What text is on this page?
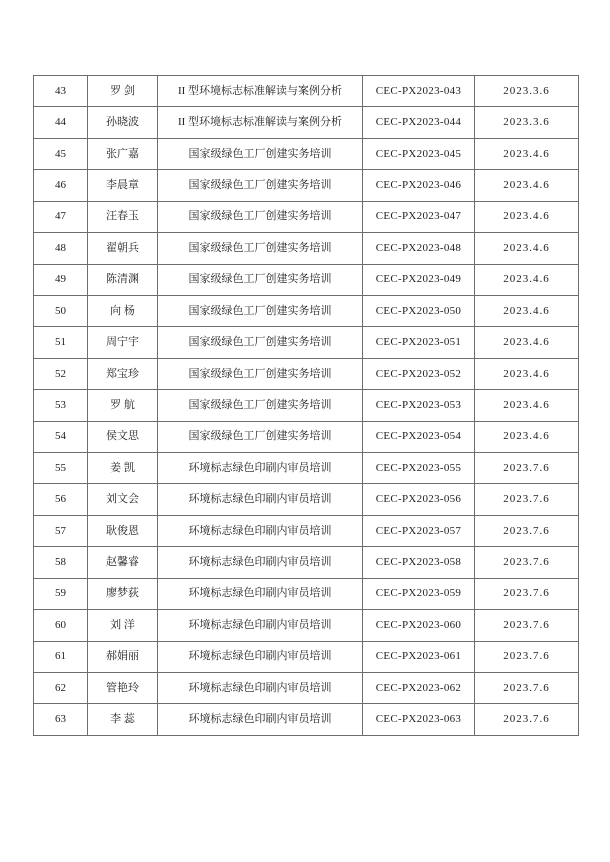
43	罗 剑	II 型环境标志标准解读与案例分析	CEC-PX2023-043	2023.3.6
44	孙晓波	II 型环境标志标准解读与案例分析	CEC-PX2023-044	2023.3.6
45	张广嘉	国家级绿色工厂创建实务培训	CEC-PX2023-045	2023.4.6
46	李晨章	国家级绿色工厂创建实务培训	CEC-PX2023-046	2023.4.6
47	汪春玉	国家级绿色工厂创建实务培训	CEC-PX2023-047	2023.4.6
48	翟朝兵	国家级绿色工厂创建实务培训	CEC-PX2023-048	2023.4.6
49	陈清渊	国家级绿色工厂创建实务培训	CEC-PX2023-049	2023.4.6
50	向 杨	国家级绿色工厂创建实务培训	CEC-PX2023-050	2023.4.6
51	周宁宇	国家级绿色工厂创建实务培训	CEC-PX2023-051	2023.4.6
52	郑宝珍	国家级绿色工厂创建实务培训	CEC-PX2023-052	2023.4.6
53	罗 航	国家级绿色工厂创建实务培训	CEC-PX2023-053	2023.4.6
54	侯文思	国家级绿色工厂创建实务培训	CEC-PX2023-054	2023.4.6
55	姜 凯	环境标志绿色印刷内审员培训	CEC-PX2023-055	2023.7.6
56	刘文会	环境标志绿色印刷内审员培训	CEC-PX2023-056	2023.7.6
57	耿俊恩	环境标志绿色印刷内审员培训	CEC-PX2023-057	2023.7.6
58	赵馨睿	环境标志绿色印刷内审员培训	CEC-PX2023-058	2023.7.6
59	廖梦荻	环境标志绿色印刷内审员培训	CEC-PX2023-059	2023.7.6
60	刘 洋	环境标志绿色印刷内审员培训	CEC-PX2023-060	2023.7.6
61	郝娟丽	环境标志绿色印刷内审员培训	CEC-PX2023-061	2023.7.6
62	管艳玲	环境标志绿色印刷内审员培训	CEC-PX2023-062	2023.7.6
63	李 蕊	环境标志绿色印刷内审员培训	CEC-PX2023-063	2023.7.6
